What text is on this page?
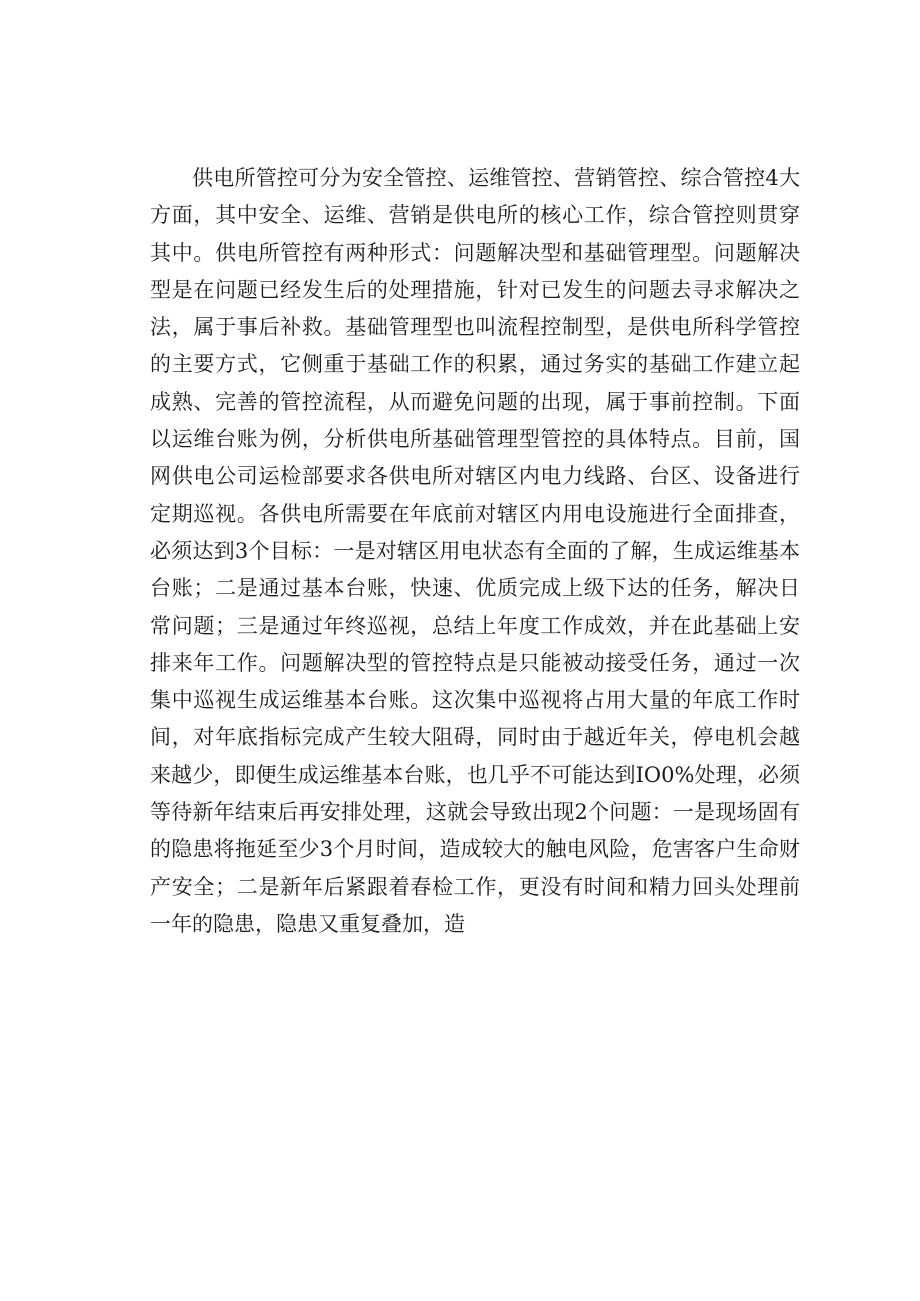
供电所管控可分为安全管控、运维管控、营销管控、综合管控4大方面，其中安全、运维、营销是供电所的核心工作，综合管控则贯穿其中。供电所管控有两种形式：问题解决型和基础管理型。问题解决型是在问题已经发生后的处理措施，针对已发生的问题去寻求解决之法，属于事后补救。基础管理型也叫流程控制型，是供电所科学管控的主要方式，它侧重于基础工作的积累，通过务实的基础工作建立起成熟、完善的管控流程，从而避免问题的出现，属于事前控制。下面以运维台账为例，分析供电所基础管理型管控的具体特点。目前，国网供电公司运检部要求各供电所对辖区内电力线路、台区、设备进行定期巡视。各供电所需要在年底前对辖区内用电设施进行全面排查，必须达到3个目标：一是对辖区用电状态有全面的了解，生成运维基本台账；二是通过基本台账，快速、优质完成上级下达的任务，解决日常问题；三是通过年终巡视，总结上年度工作成效，并在此基础上安排来年工作。问题解决型的管控特点是只能被动接受任务，通过一次集中巡视生成运维基本台账。这次集中巡视将占用大量的年底工作时间，对年底指标完成产生较大阻碍，同时由于越近年关，停电机会越来越少，即便生成运维基本台账，也几乎不可能达到IO0%处理，必须等待新年结束后再安排处理，这就会导致出现2个问题：一是现场固有的隐患将拖延至少3个月时间，造成较大的触电风险，危害客户生命财产安全；二是新年后紧跟着春检工作，更没有时间和精力回头处理前一年的隐患，隐患又重复叠加，造
